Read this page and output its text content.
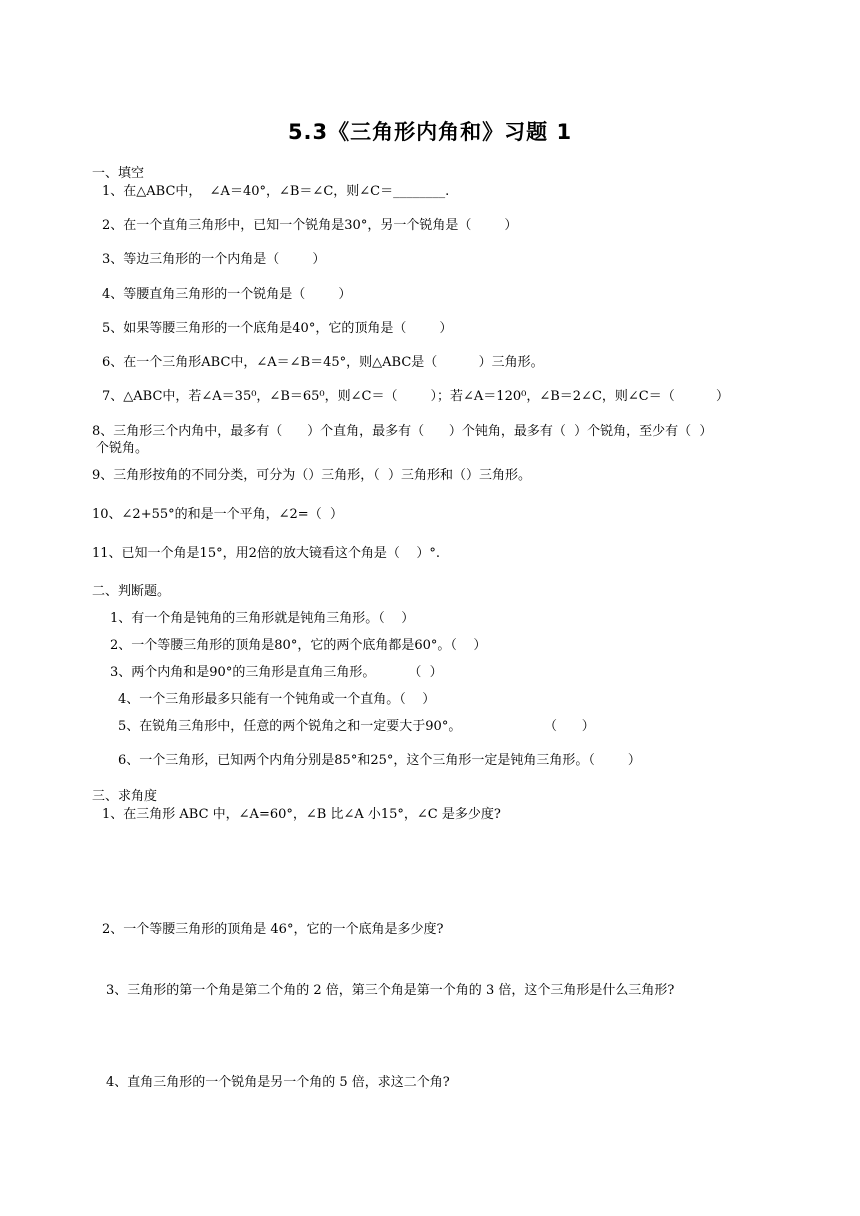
5.3《三角形内角和》习题 1
一、填空
1、在△ABC中，  ∠A＝40°，∠B＝∠C，则∠C＝________.
2、在一个直角三角形中，已知一个锐角是30°，另一个锐角是（        ）
3、等边三角形的一个内角是（        ）
4、等腰直角三角形的一个锐角是（        ）
5、如果等腰三角形的一个底角是40°，它的顶角是（        ）
6、在一个三角形ABC中，∠A＝∠B＝45°，则△ABC是（          ）三角形。
7、△ABC中，若∠A＝35⁰，∠B＝65⁰，则∠C＝（        ）；若∠A＝120⁰，∠B＝2∠C，则∠C＝（          ）
8、三角形三个内角中，最多有（      ）个直角，最多有（      ）个钝角，最多有（  ）个锐角，至少有（  ）
个锐角。
9、三角形按角的不同分类，可分为（）三角形，（  ）三角形和（）三角形。
10、∠2+55°的和是一个平角，∠2=（  ）
11、已知一个角是15°，用2倍的放大镜看这个角是（    ）°.
二、判断题。
1、有一个角是钝角的三角形就是钝角三角形。（    ）
2、一个等腰三角形的顶角是80°，它的两个底角都是60°。（    ）
3、两个内角和是90°的三角形是直角三角形。        （  ）
4、一个三角形最多只能有一个钝角或一个直角。（    ）
5、在锐角三角形中，任意的两个锐角之和一定要大于90°。                    （      ）
6、一个三角形，已知两个内角分别是85°和25°，这个三角形一定是钝角三角形。（        ）
三、求角度
1、在三角形 ABC 中，∠A=60°，∠B 比∠A 小15°，∠C 是多少度?
2、一个等腰三角形的顶角是 46°，它的一个底角是多少度?
3、三角形的第一个角是第二个角的 2 倍，第三个角是第一个角的 3 倍，这个三角形是什么三角形?
4、直角三角形的一个锐角是另一个角的 5 倍，求这二个角?
